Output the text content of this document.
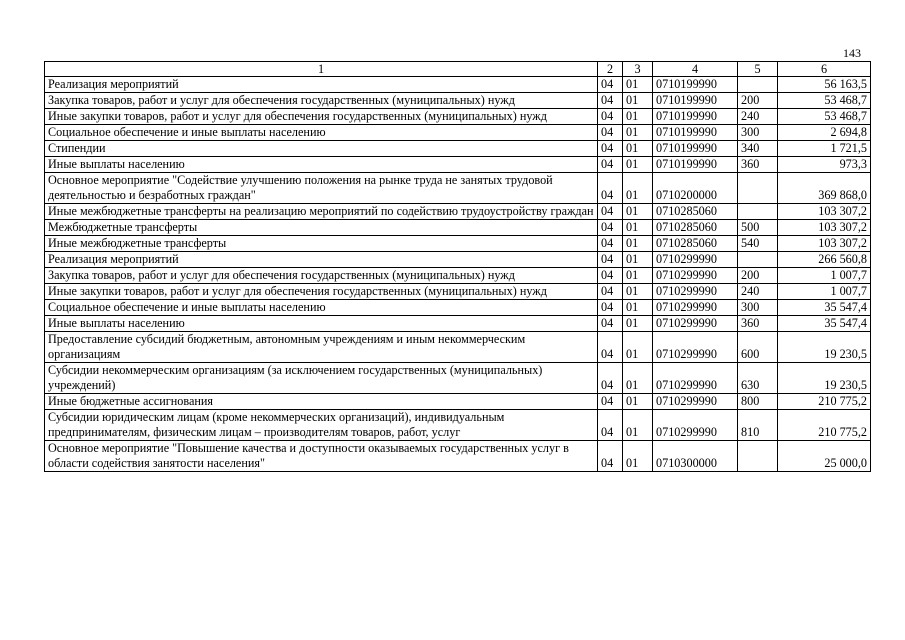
143
1	2	3	4	5	6
Реализация мероприятий	04	01	0710199990		56 163,5
Закупка товаров, работ и услуг для обеспечения государственных (муниципальных) нужд	04	01	0710199990	200	53 468,7
Иные закупки товаров, работ и услуг для обеспечения государственных (муниципальных) нужд	04	01	0710199990	240	53 468,7
Социальное обеспечение и иные выплаты населению	04	01	0710199990	300	2 694,8
Стипендии	04	01	0710199990	340	1 721,5
Иные выплаты населению	04	01	0710199990	360	973,3
Основное мероприятие "Содействие улучшению положения на рынке труда не занятых трудовой деятельностью и безработных граждан"	04	01	0710200000		369 868,0
Иные межбюджетные трансферты на реализацию мероприятий по содействию трудоустройству граждан	04	01	0710285060		103 307,2
Межбюджетные трансферты	04	01	0710285060	500	103 307,2
Иные межбюджетные трансферты	04	01	0710285060	540	103 307,2
Реализация мероприятий	04	01	0710299990		266 560,8
Закупка товаров, работ и услуг для обеспечения государственных (муниципальных) нужд	04	01	0710299990	200	1 007,7
Иные закупки товаров, работ и услуг для обеспечения государственных (муниципальных) нужд	04	01	0710299990	240	1 007,7
Социальное обеспечение и иные выплаты населению	04	01	0710299990	300	35 547,4
Иные выплаты населению	04	01	0710299990	360	35 547,4
Предоставление субсидий бюджетным, автономным учреждениям и иным некоммерческим организациям	04	01	0710299990	600	19 230,5
Субсидии некоммерческим организациям (за исключением государственных (муниципальных) учреждений)	04	01	0710299990	630	19 230,5
Иные бюджетные ассигнования	04	01	0710299990	800	210 775,2
Субсидии юридическим лицам (кроме некоммерческих организаций), индивидуальным предпринимателям, физическим лицам – производителям товаров, работ, услуг	04	01	0710299990	810	210 775,2
Основное мероприятие "Повышение качества и доступности оказываемых государственных услуг в области содействия занятости населения"	04	01	0710300000		25 000,0
